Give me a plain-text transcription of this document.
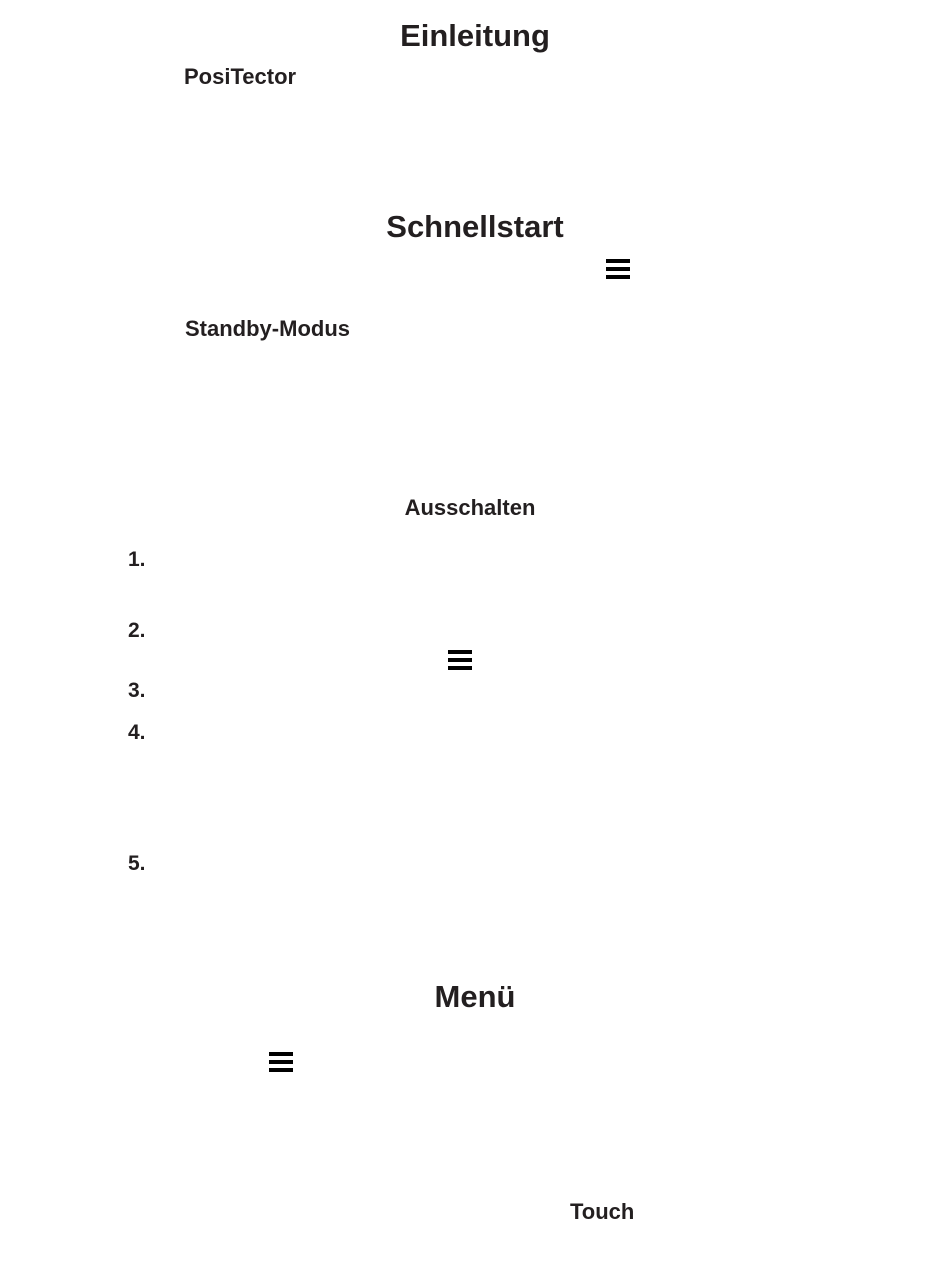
Einleitung
PosiTector
Schnellstart
Standby-Modus
Ausschalten
1.
2.
3.
4.
5.
Menü
Touch
